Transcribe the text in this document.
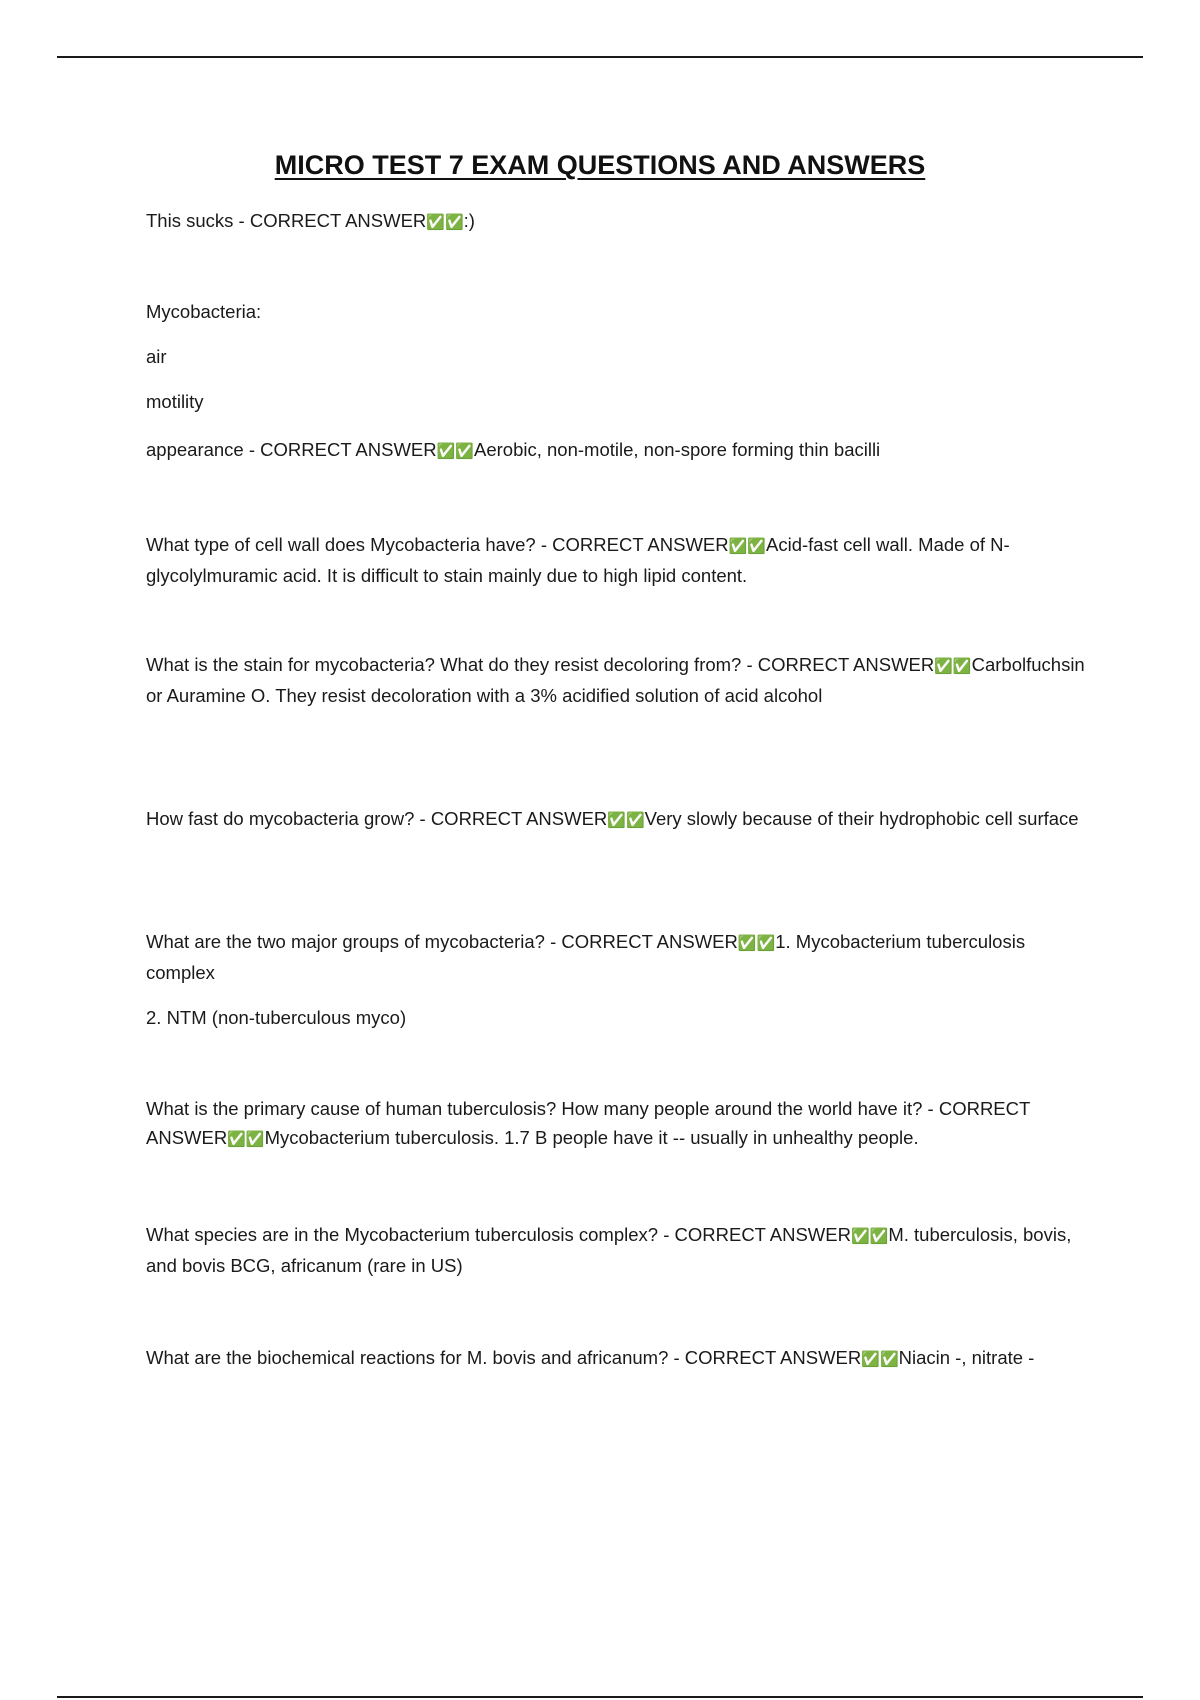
MICRO TEST 7 EXAM QUESTIONS AND ANSWERS

This sucks - CORRECT ANSWER✅✅:)

Mycobacteria:

air

motility

appearance - CORRECT ANSWER✅✅Aerobic, non-motile, non-spore forming thin bacilli

What type of cell wall does Mycobacteria have? - CORRECT ANSWER✅✅Acid-fast cell wall. Made of N-glycolylmuramic acid. It is difficult to stain mainly due to high lipid content.

What is the stain for mycobacteria? What do they resist decoloring from? - CORRECT ANSWER✅✅Carbolfuchsin or Auramine O. They resist decoloration with a 3% acidified solution of acid alcohol

How fast do mycobacteria grow? - CORRECT ANSWER✅✅Very slowly because of their hydrophobic cell surface

What are the two major groups of mycobacteria? - CORRECT ANSWER✅✅1. Mycobacterium tuberculosis complex

2. NTM (non-tuberculous myco)

What is the primary cause of human tuberculosis? How many people around the world have it? - CORRECT ANSWER✅✅Mycobacterium tuberculosis. 1.7 B people have it -- usually in unhealthy people.

What species are in the Mycobacterium tuberculosis complex? - CORRECT ANSWER✅✅M. tuberculosis, bovis, and bovis BCG, africanum (rare in US)

What are the biochemical reactions for M. bovis and africanum? - CORRECT ANSWER✅✅Niacin -, nitrate -
